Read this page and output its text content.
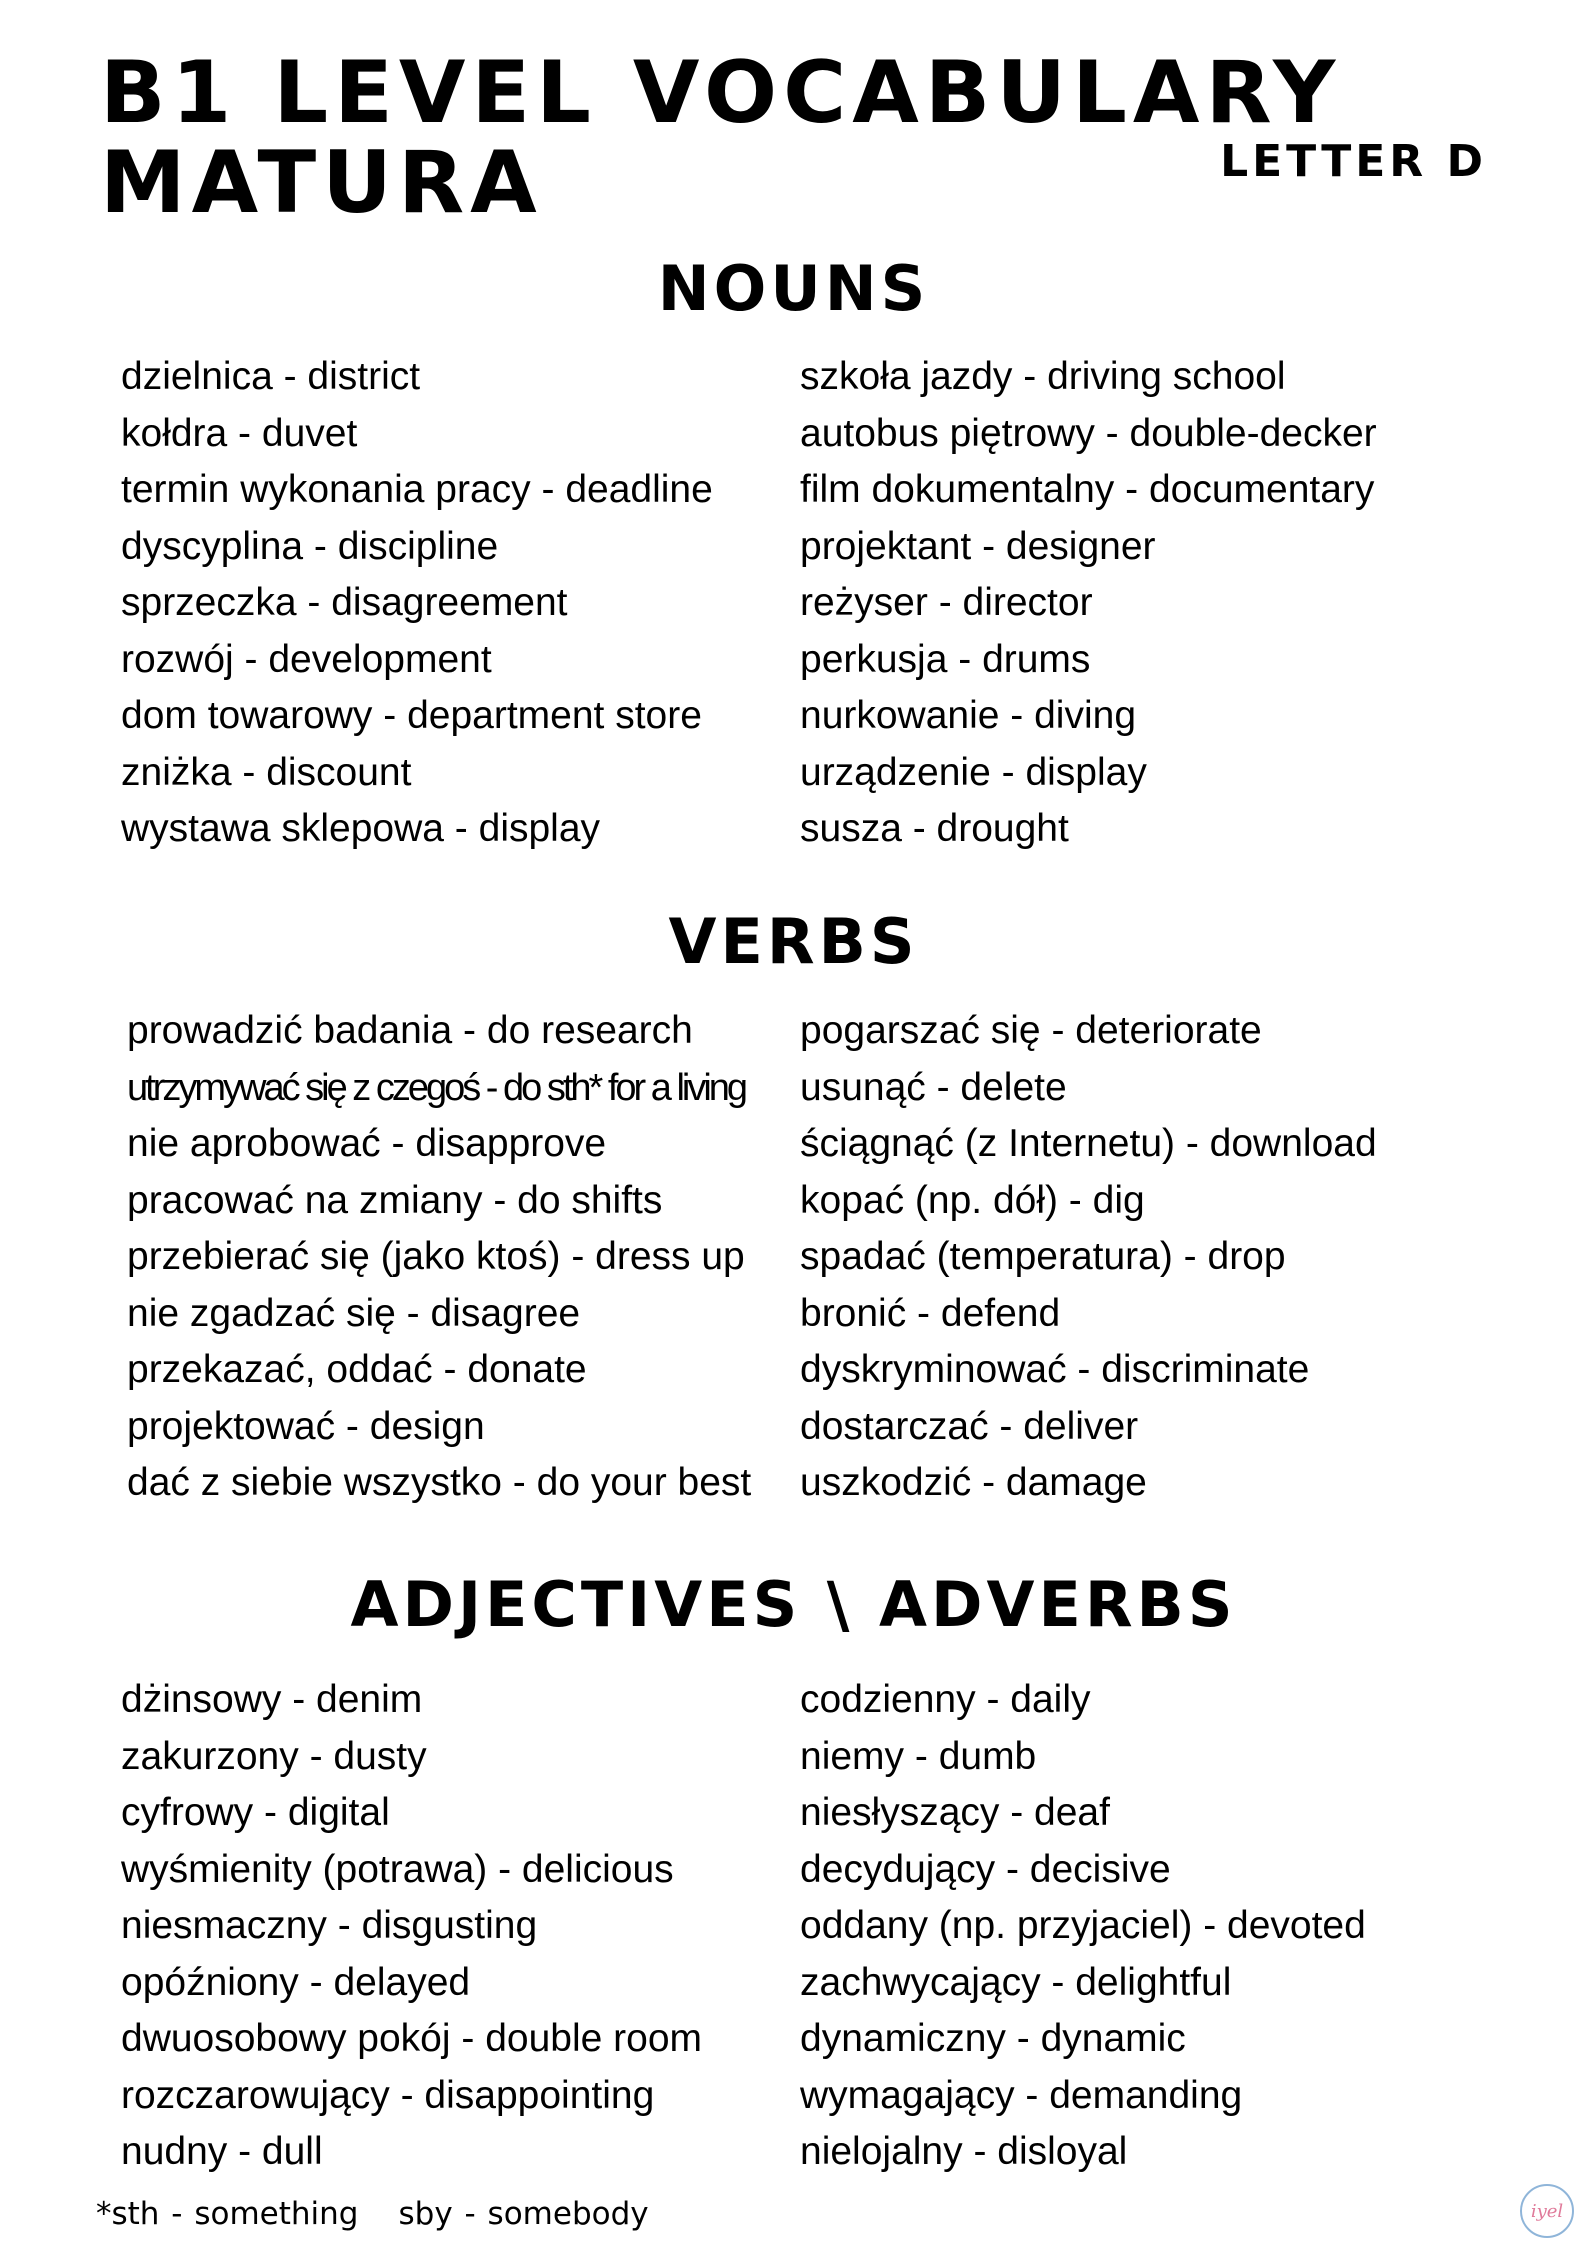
B1 LEVEL VOCABULARY
MATURA	LETTER D
NOUNS
dzielnica - district
kołdra - duvet
termin wykonania pracy - deadline
dyscyplina - discipline
sprzeczka - disagreement
rozwój - development
dom towarowy - department store
zniżka - discount
wystawa sklepowa - display
szkoła jazdy - driving school
autobus piętrowy - double-decker
film dokumentalny - documentary
projektant - designer
reżyser - director
perkusja - drums
nurkowanie - diving
urządzenie - display
susza - drought
VERBS
prowadzić badania - do research
utrzymywać się z czegoś - do sth* for a living
nie aprobować - disapprove
pracować na zmiany - do shifts
przebierać się (jako ktoś) - dress up
nie zgadzać się - disagree
przekazać, oddać - donate
projektować - design
dać z siebie wszystko - do your best
pogarszać się - deteriorate
usunąć - delete
ściągnąć (z Internetu) - download
kopać (np. dół) - dig
spadać (temperatura) - drop
bronić - defend
dyskryminować - discriminate
dostarczać - deliver
uszkodzić - damage
ADJECTIVES \ ADVERBS
dżinsowy - denim
zakurzony - dusty
cyfrowy - digital
wyśmienity (potrawa) - delicious
niesmaczny - disgusting
opóźniony - delayed
dwuosobowy pokój - double room
rozczarowujący - disappointing
nudny - dull
codzienny - daily
niemy - dumb
niesłyszący - deaf
decydujący - decisive
oddany (np. przyjaciel) - devoted
zachwycający - delightful
dynamiczny - dynamic
wymagający - demanding
nielojalny - disloyal
*sth - something sby - somebody	iyel
